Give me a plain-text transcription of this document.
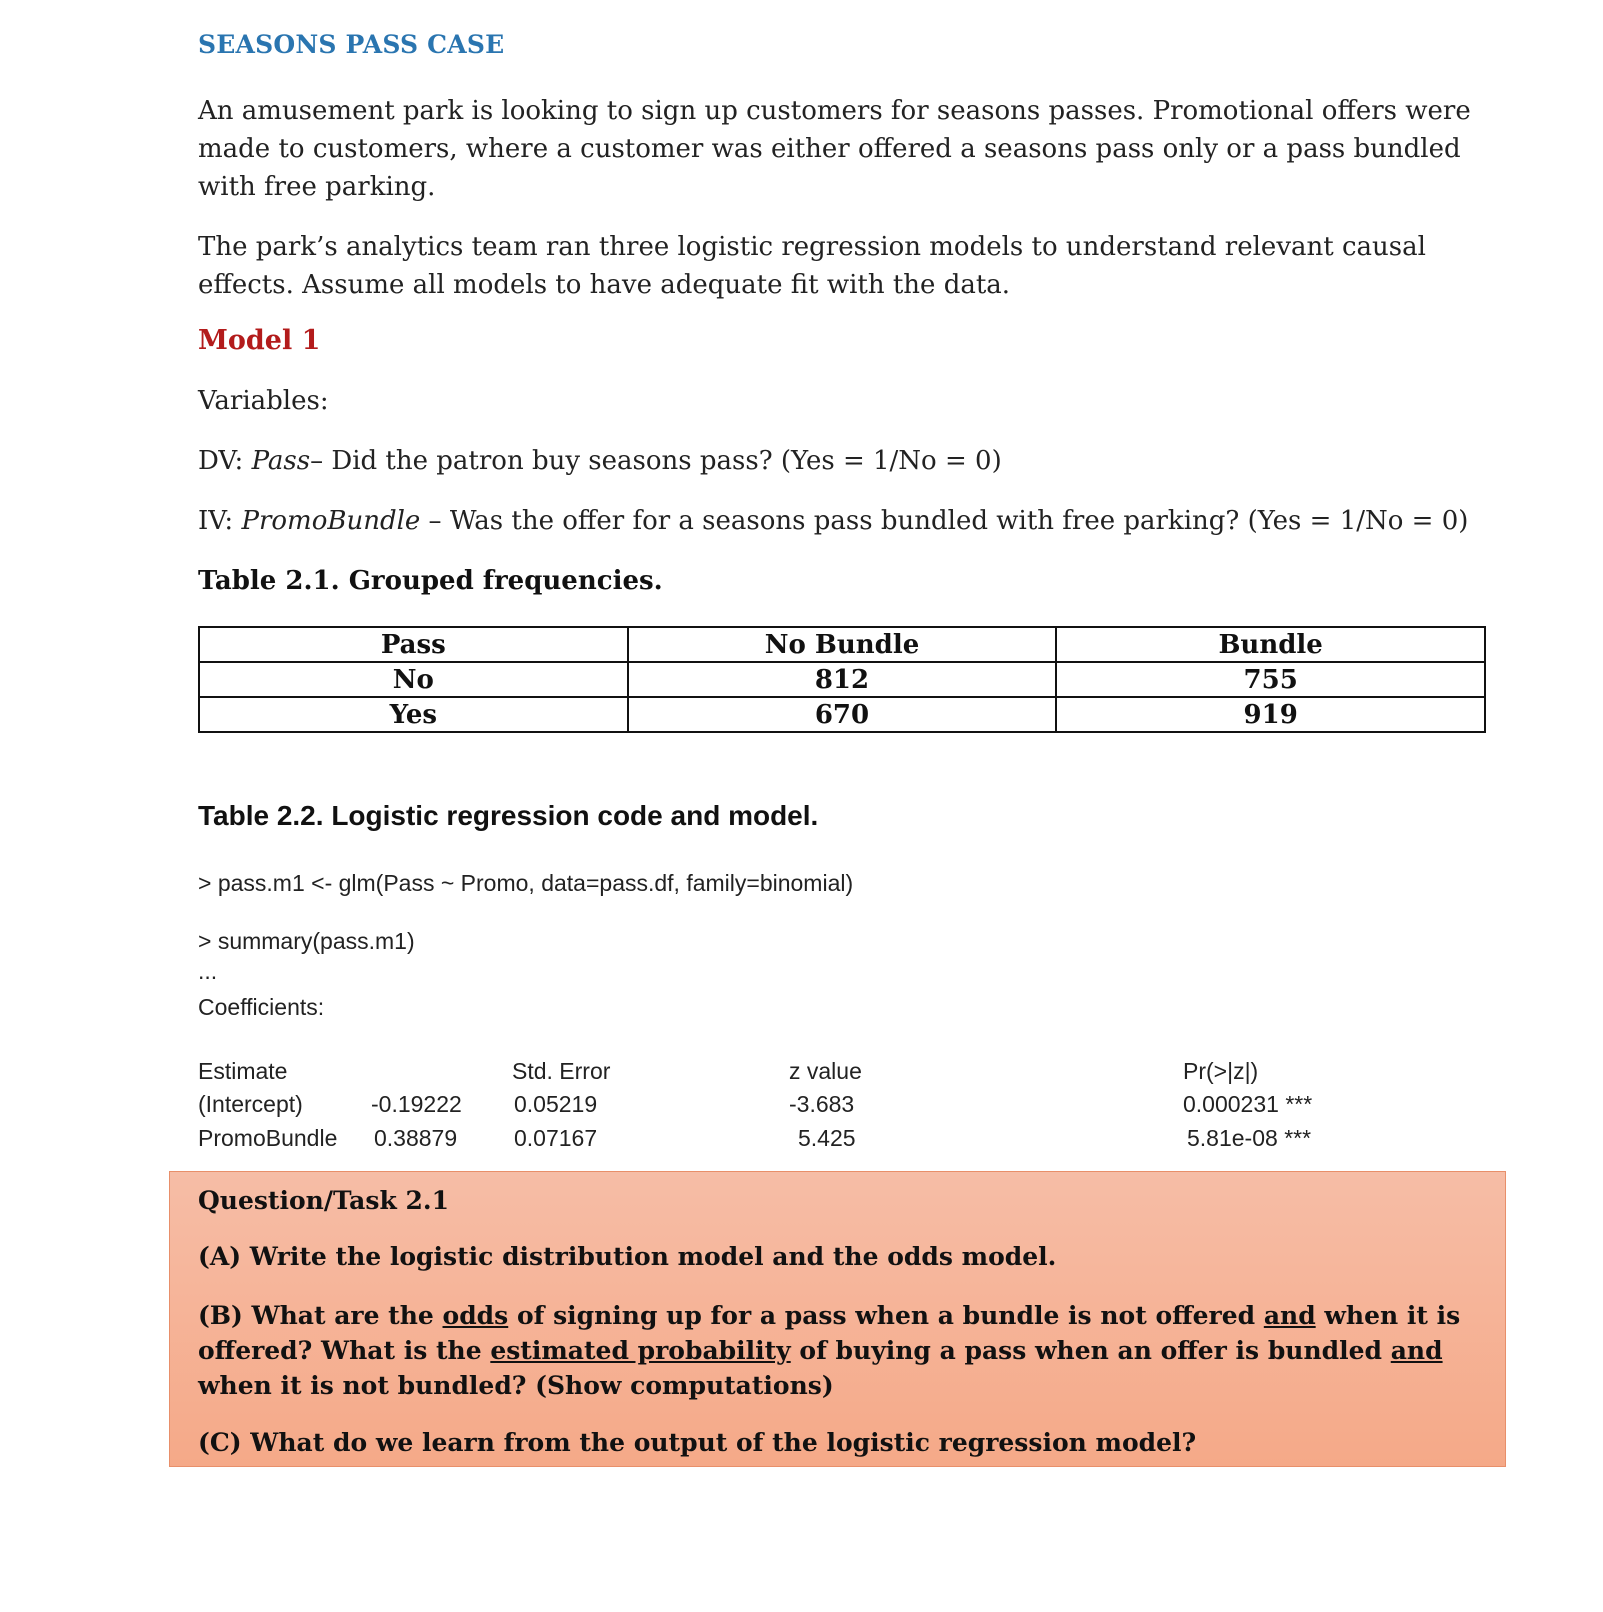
SEASONS PASS CASE
An amusement park is looking to sign up customers for seasons passes. Promotional offers were made to customers, where a customer was either offered a seasons pass only or a pass bundled with free parking.
The park’s analytics team ran three logistic regression models to understand relevant causal effects. Assume all models to have adequate fit with the data.
Model 1
Variables:
DV: Pass– Did the patron buy seasons pass? (Yes = 1/No = 0)
IV: PromoBundle – Was the offer for a seasons pass bundled with free parking? (Yes = 1/No = 0)
Table 2.1. Grouped frequencies.
Pass	No Bundle	Bundle
No	812	755
Yes	670	919
Table 2.2. Logistic regression code and model.
> pass.m1 <- glm(Pass ~ Promo, data=pass.df, family=binomial)
> summary(pass.m1)
...
Coefficients:
Estimate	Std. Error	z value	Pr(>|z|)
(Intercept)	-0.19222 0.05219	-3.683	0.000231 ***
PromoBundle 0.38879 0.07167	5.425	5.81e-08 ***
Question/Task 2.1
(A) Write the logistic distribution model and the odds model.
(B) What are the odds of signing up for a pass when a bundle is not offered and when it is offered? What is the estimated probability of buying a pass when an offer is bundled and when it is not bundled? (Show computations)
(C) What do we learn from the output of the logistic regression model?
